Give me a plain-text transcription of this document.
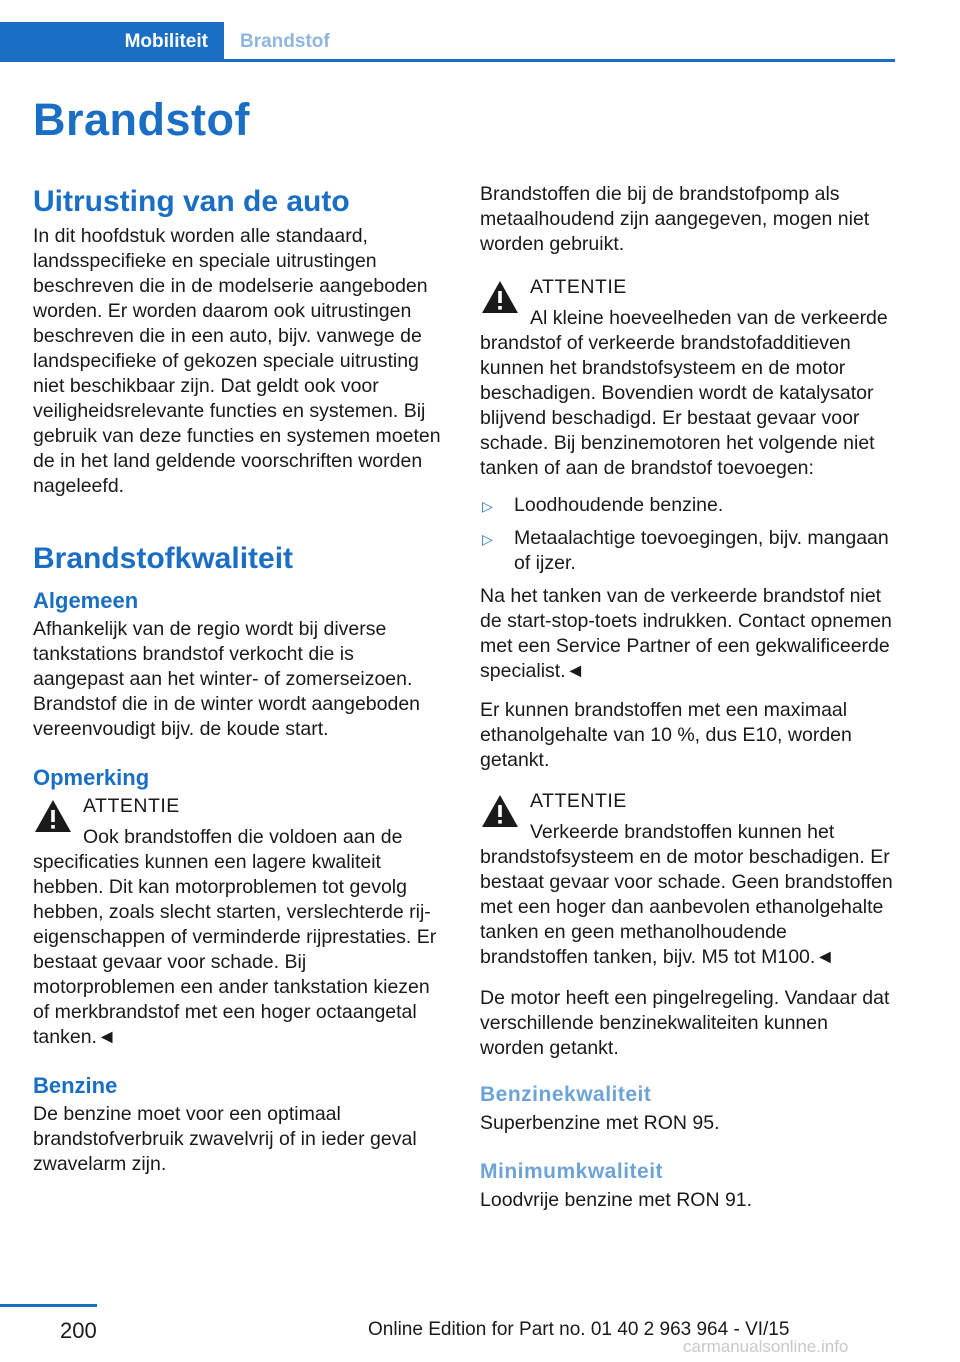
Mobiliteit	Brandstof
Brandstof
Uitrusting van de auto

In dit hoofdstuk worden alle standaard, landsspecifieke en speciale uitrustingen beschreven die in de modelserie aangeboden worden. Er worden daarom ook uitrustingen beschreven die in een auto, bijv. vanwege de landspecifieke of gekozen speciale uitrusting niet beschikbaar zijn. Dat geldt ook voor veiligheidsrelevante functies en systemen. Bij gebruik van deze functies en systemen moeten de in het land geldende voorschriften worden nageleefd.

Brandstofkwaliteit
Algemeen

Afhankelijk van de regio wordt bij diverse tankstations brandstof verkocht die is aangepast aan het winter- of zomerseizoen. Brandstof die in de winter wordt aangeboden vereenvoudigt bijv. de koude start.

Opmerking
ATTENTIE
Ook brandstoffen die voldoen aan de
specificaties kunnen een lagere kwaliteit hebben. Dit kan motorproblemen tot gevolg hebben, zoals slecht starten, verslechterde rij-eigenschappen of verminderde rijprestaties. Er bestaat gevaar voor schade. Bij motorproblemen een ander tankstation kiezen of merkbrandstof met een hoger octaangetal tanken.◄
Benzine

De benzine moet voor een optimaal brandstofverbruik zwavelvrij of in ieder geval zwavelarm zijn.

Brandstoffen die bij de brandstofpomp als metaalhoudend zijn aangegeven, mogen niet worden gebruikt.

ATTENTIE
Al kleine hoeveelheden van de verkeerde
brandstof of verkeerde brandstofadditieven kunnen het brandstofsysteem en de motor beschadigen. Bovendien wordt de katalysator blijvend beschadigd. Er bestaat gevaar voor schade. Bij benzinemotoren het volgende niet tanken of aan de brandstof toevoegen:
▷ Loodhoudende benzine.
▷ Metaalachtige toevoegingen, bijv. mangaan of ijzer.

Na het tanken van de verkeerde brandstof niet de start-stop-toets indrukken. Contact opnemen met een Service Partner of een gekwalificeerde specialist.◄

Er kunnen brandstoffen met een maximaal ethanolgehalte van 10 %, dus E10, worden getankt.

ATTENTIE
Verkeerde brandstoffen kunnen het
brandstofsysteem en de motor beschadigen. Er bestaat gevaar voor schade. Geen brandstoffen met een hoger dan aanbevolen ethanolgehalte tanken en geen methanolhoudende brandstoffen tanken, bijv. M5 tot M100.◄

De motor heeft een pingelregeling. Vandaar dat verschillende benzinekwaliteiten kunnen worden getankt.

Benzinekwaliteit

Superbenzine met RON 95.

Minimumkwaliteit

Loodvrije benzine met RON 91.

200	Online Edition for Part no. 01 40 2 963 964 - VI/15
carmanualsonline.info
